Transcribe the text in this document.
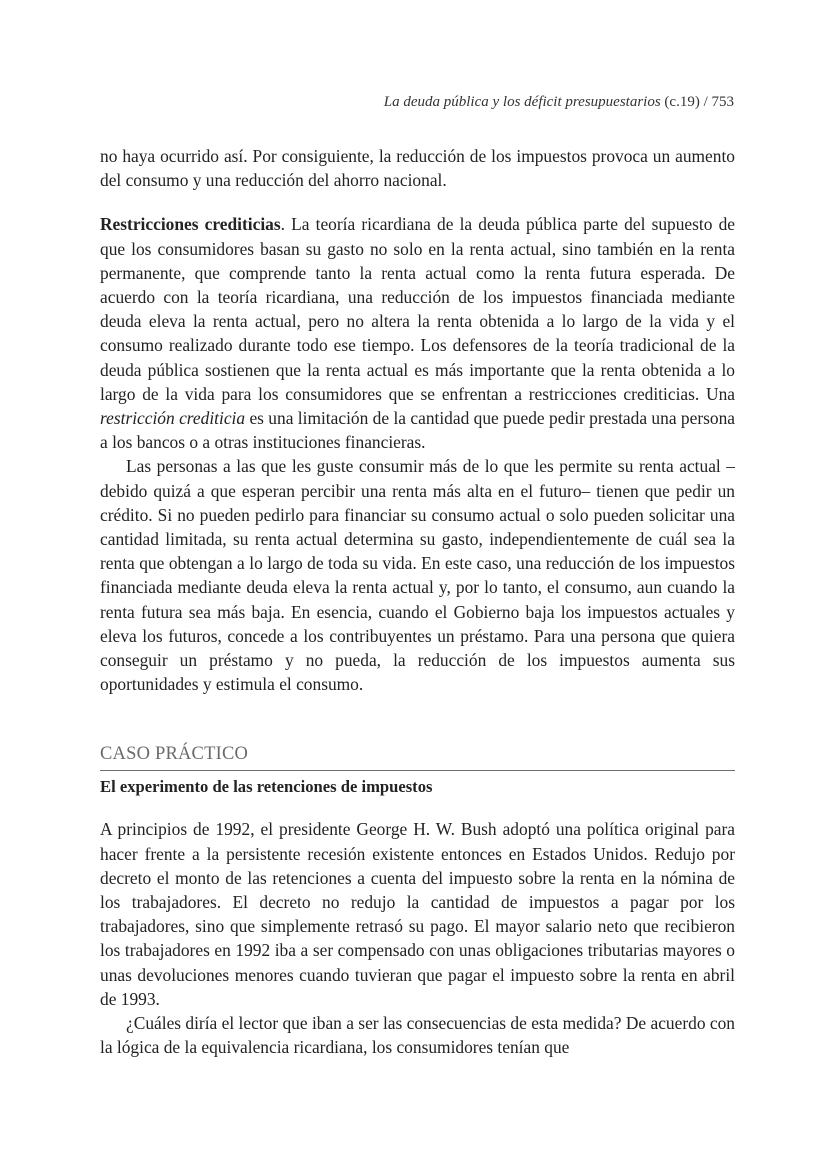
La deuda pública y los déficit presupuestarios (c.19) / 753

no haya ocurrido así. Por consiguiente, la reducción de los impuestos provoca un aumento del consumo y una reducción del ahorro nacional.

Restricciones crediticias. La teoría ricardiana de la deuda pública parte del supuesto de que los consumidores basan su gasto no solo en la renta actual, sino también en la renta permanente, que comprende tanto la renta actual como la renta futura esperada. De acuerdo con la teoría ricardiana, una reducción de los impuestos financiada mediante deuda eleva la renta actual, pero no altera la renta obtenida a lo largo de la vida y el consumo realizado durante todo ese tiempo. Los defensores de la teoría tradicional de la deuda pública sostienen que la renta actual es más importante que la renta obtenida a lo largo de la vida para los consumidores que se enfrentan a restricciones crediticias. Una restricción crediticia es una limitación de la cantidad que puede pedir prestada una persona a los bancos o a otras instituciones financieras.

Las personas a las que les guste consumir más de lo que les permite su renta actual –debido quizá a que esperan percibir una renta más alta en el futuro– tienen que pedir un crédito. Si no pueden pedirlo para financiar su consumo actual o solo pueden solicitar una cantidad limitada, su renta actual determina su gasto, independientemente de cuál sea la renta que obtengan a lo largo de toda su vida. En este caso, una reducción de los impuestos financiada mediante deuda eleva la renta actual y, por lo tanto, el consumo, aun cuando la renta futura sea más baja. En esencia, cuando el Gobierno baja los impuestos actuales y eleva los futuros, concede a los contribuyentes un préstamo. Para una persona que quiera conseguir un préstamo y no pueda, la reducción de los impuestos aumenta sus oportunidades y estimula el consumo.

CASO PRÁCTICO
El experimento de las retenciones de impuestos

A principios de 1992, el presidente George H. W. Bush adoptó una política original para hacer frente a la persistente recesión existente entonces en Estados Unidos. Redujo por decreto el monto de las retenciones a cuenta del impuesto sobre la renta en la nómina de los trabajadores. El decreto no redujo la cantidad de impuestos a pagar por los trabajadores, sino que simplemente retrasó su pago. El mayor salario neto que recibieron los trabajadores en 1992 iba a ser compensado con unas obligaciones tributarias mayores o unas devoluciones menores cuando tuvieran que pagar el impuesto sobre la renta en abril de 1993.

¿Cuáles diría el lector que iban a ser las consecuencias de esta medida? De acuerdo con la lógica de la equivalencia ricardiana, los consumidores tenían que
